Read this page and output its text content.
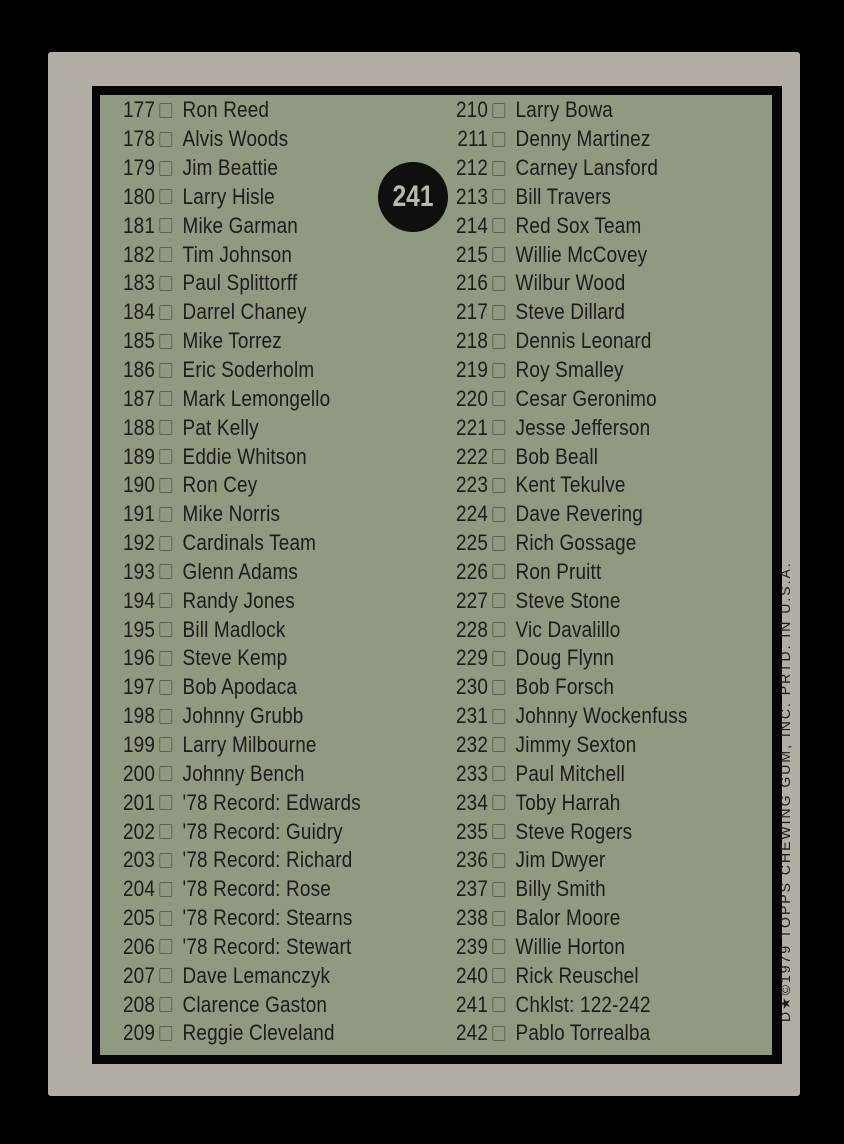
177 Ron Reed
178 Alvis Woods
179 Jim Beattie
180 Larry Hisle
181 Mike Garman
182 Tim Johnson
183 Paul Splittorff
184 Darrel Chaney
185 Mike Torrez
186 Eric Soderholm
187 Mark Lemongello
188 Pat Kelly
189 Eddie Whitson
190 Ron Cey
191 Mike Norris
192 Cardinals Team
193 Glenn Adams
194 Randy Jones
195 Bill Madlock
196 Steve Kemp
197 Bob Apodaca
198 Johnny Grubb
199 Larry Milbourne
200 Johnny Bench
201 '78 Record: Edwards
202 '78 Record: Guidry
203 '78 Record: Richard
204 '78 Record: Rose
205 '78 Record: Stearns
206 '78 Record: Stewart
207 Dave Lemanczyk
208 Clarence Gaston
209 Reggie Cleveland
210 Larry Bowa
211 Denny Martinez
212 Carney Lansford
213 Bill Travers
214 Red Sox Team
215 Willie McCovey
216 Wilbur Wood
217 Steve Dillard
218 Dennis Leonard
219 Roy Smalley
220 Cesar Geronimo
221 Jesse Jefferson
222 Bob Beall
223 Kent Tekulve
224 Dave Revering
225 Rich Gossage
226 Ron Pruitt
227 Steve Stone
228 Vic Davalillo
229 Doug Flynn
230 Bob Forsch
231 Johnny Wockenfuss
232 Jimmy Sexton
233 Paul Mitchell
234 Toby Harrah
235 Steve Rogers
236 Jim Dwyer
237 Billy Smith
238 Balor Moore
239 Willie Horton
240 Rick Reuschel
241 Chklst: 122-242
242 Pablo Torrealba
241
D★©1979 TOPPS CHEWING GUM, INC. PRTD. IN U.S.A.
